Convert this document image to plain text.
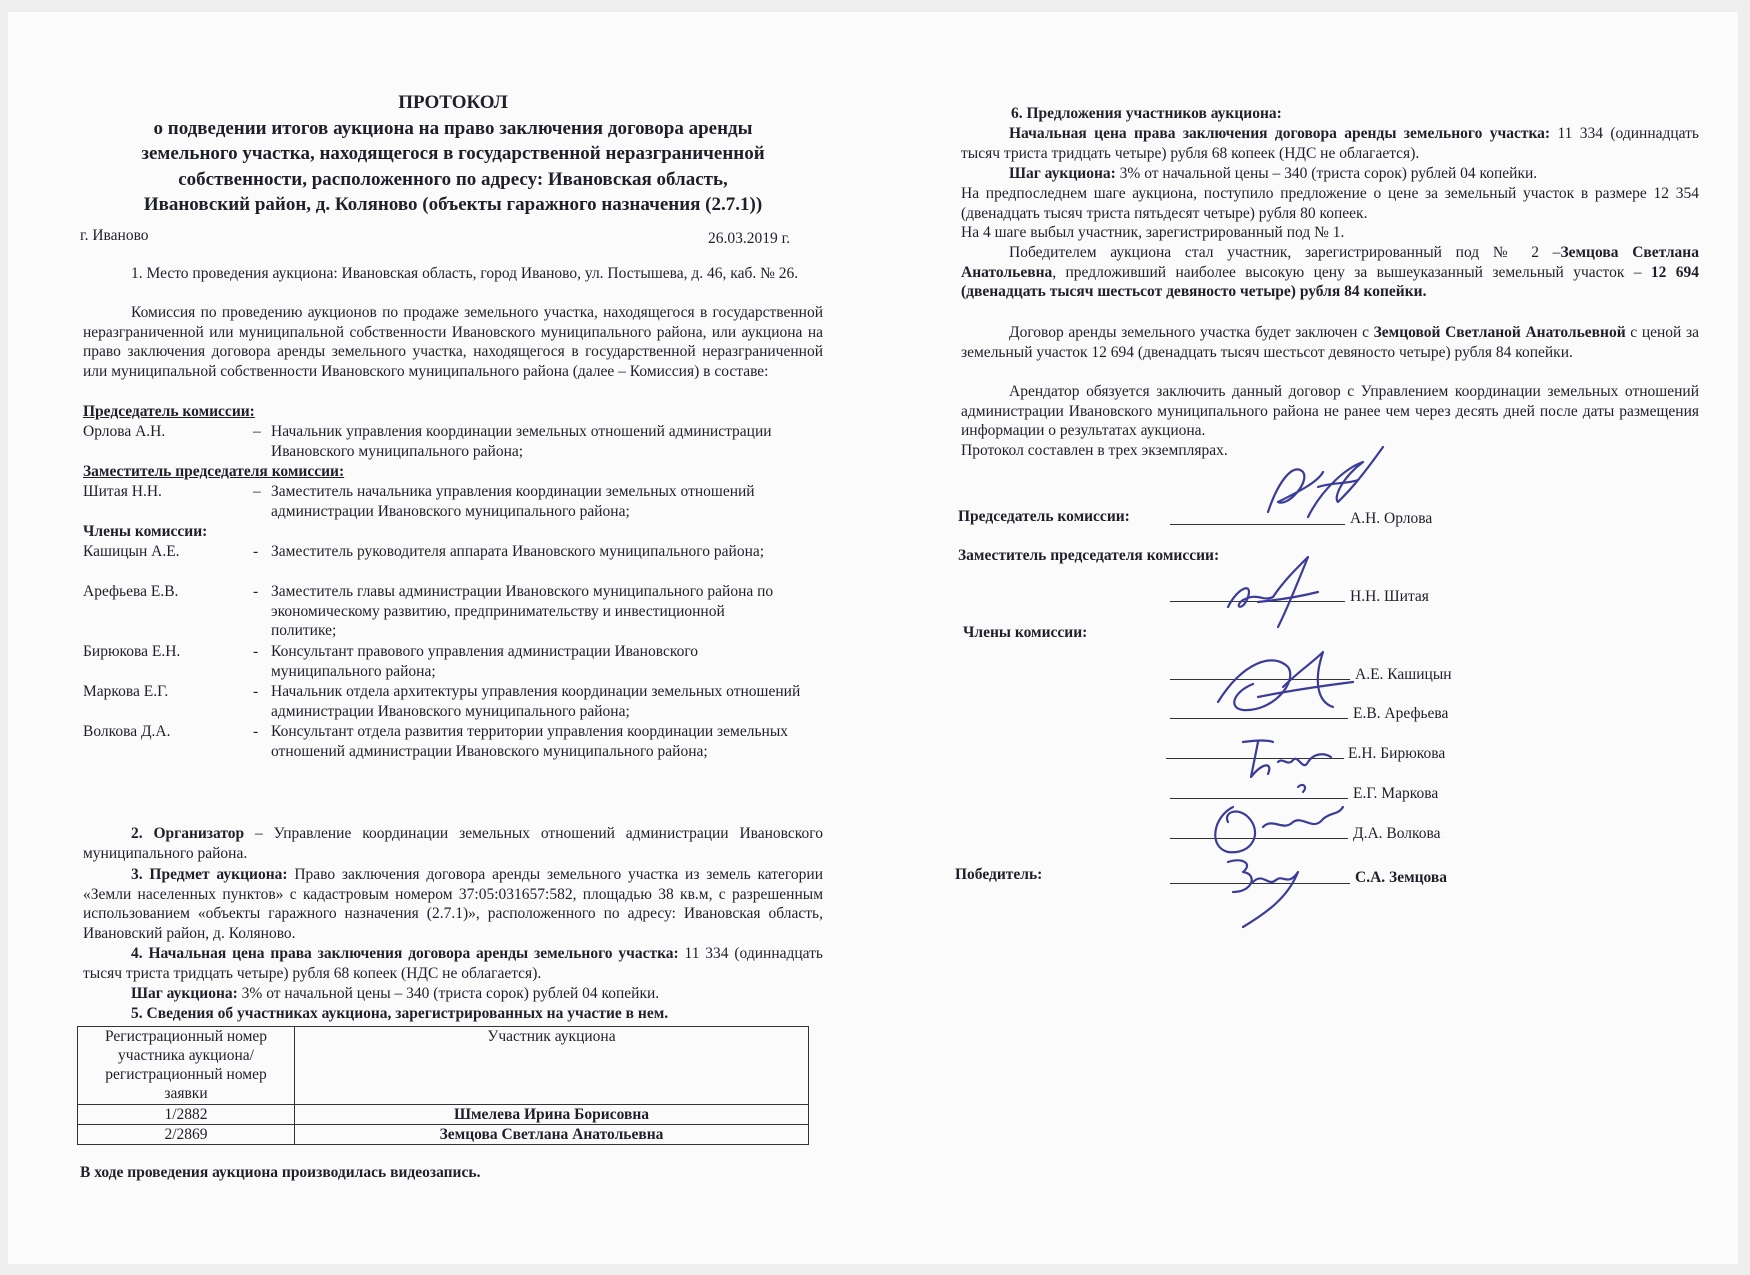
ПРОТОКОЛ
о подведении итогов аукциона на право заключения договора аренды
земельного участка, находящегося в государственной неразграниченной
собственности, расположенного по адресу: Ивановская область,
Ивановский район, д. Коляново (объекты гаражного назначения (2.7.1))
г. Иваново	26.03.2019 г.
1. Место проведения аукциона: Ивановская область, город Иваново, ул. Постышева, д. 46, каб. № 26.
Комиссия по проведению аукционов по продаже земельного участка, находящегося в государственной неразграниченной или муниципальной собственности Ивановского муниципального района, или аукциона на право заключения договора аренды земельного участка, находящегося в государственной неразграниченной или муниципальной собственности Ивановского муниципального района (далее – Комиссия) в составе:
Председатель комиссии:
Орлова А.Н.	– Начальник управления координации земельных отношений администрации Ивановского муниципального района;
Заместитель председателя комиссии:
Шитая Н.Н.	– Заместитель начальника управления координации земельных отношений администрации Ивановского муниципального района;
Члены комиссии:
Кашицын А.Е.	- Заместитель руководителя аппарата Ивановского муниципального района;
Арефьева Е.В.	- Заместитель главы администрации Ивановского муниципального района по экономическому развитию, предпринимательству и инвестиционной политике;
Бирюкова Е.Н.	- Консультант правового управления администрации Ивановского муниципального района;
Маркова Е.Г.	- Начальник отдела архитектуры управления координации земельных отношений администрации Ивановского муниципального района;
Волкова Д.А.	- Консультант отдела развития территории управления координации земельных отношений администрации Ивановского муниципального района;
2. Организатор – Управление координации земельных отношений администрации Ивановского муниципального района.
3. Предмет аукциона: Право заключения договора аренды земельного участка из земель категории «Земли населенных пунктов» с кадастровым номером 37:05:031657:582, площадью 38 кв.м, с разрешенным использованием «объекты гаражного назначения (2.7.1)», расположенного по адресу: Ивановская область, Ивановский район, д. Коляново.
4. Начальная цена права заключения договора аренды земельного участка: 11 334 (одиннадцать тысяч триста тридцать четыре) рубля 68 копеек (НДС не облагается).
Шаг аукциона: 3% от начальной цены – 340 (триста сорок) рублей 04 копейки.
5. Сведения об участниках аукциона, зарегистрированных на участие в нем.
Регистрационный номер участника аукциона/ регистрационный номер заявки	Участник аукциона
1/2882	Шмелева Ирина Борисовна
2/2869	Земцова Светлана Анатольевна
В ходе проведения аукциона производилась видеозапись.
6. Предложения участников аукциона:
Начальная цена права заключения договора аренды земельного участка: 11 334 (одиннадцать тысяч триста тридцать четыре) рубля 68 копеек (НДС не облагается).
Шаг аукциона: 3% от начальной цены – 340 (триста сорок) рублей 04 копейки.
На предпоследнем шаге аукциона, поступило предложение о цене за земельный участок в размере 12 354 (двенадцать тысяч триста пятьдесят четыре) рубля 80 копеек.
На 4 шаге выбыл участник, зарегистрированный под № 1.
Победителем аукциона стал участник, зарегистрированный под № 2 –Земцова Светлана Анатольевна, предложивший наиболее высокую цену за вышеуказанный земельный участок – 12 694 (двенадцать тысяч шестьсот девяносто четыре) рубля 84 копейки.
Договор аренды земельного участка будет заключен с Земцовой Светланой Анатольевной с ценой за земельный участок 12 694 (двенадцать тысяч шестьсот девяносто четыре) рубля 84 копейки.
Арендатор обязуется заключить данный договор с Управлением координации земельных отношений администрации Ивановского муниципального района не ранее чем через десять дней после даты размещения информации о результатах аукциона.
Протокол составлен в трех экземплярах.
Председатель комиссии:	А.Н. Орлова
Заместитель председателя комиссии:
Н.Н. Шитая
Члены комиссии:
А.Е. Кашицын
Е.В. Арефьева
Е.Н. Бирюкова
Е.Г. Маркова
Д.А. Волкова
Победитель:	С.А. Земцова
